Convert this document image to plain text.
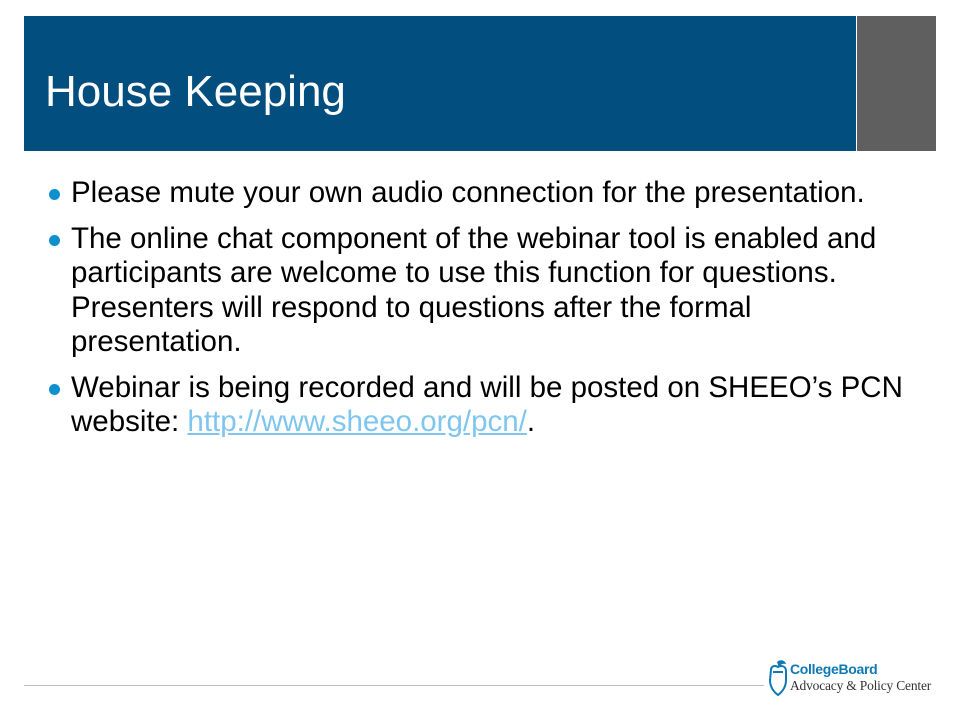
House Keeping
Please mute your own audio connection for the presentation.
The online chat component of the webinar tool is enabled and participants are welcome to use this function for questions. Presenters will respond to questions after the formal presentation.
Webinar is being recorded and will be posted on SHEEO’s PCN website: http://www.sheeo.org/pcn/.
CollegeBoard
Advocacy & Policy Center
